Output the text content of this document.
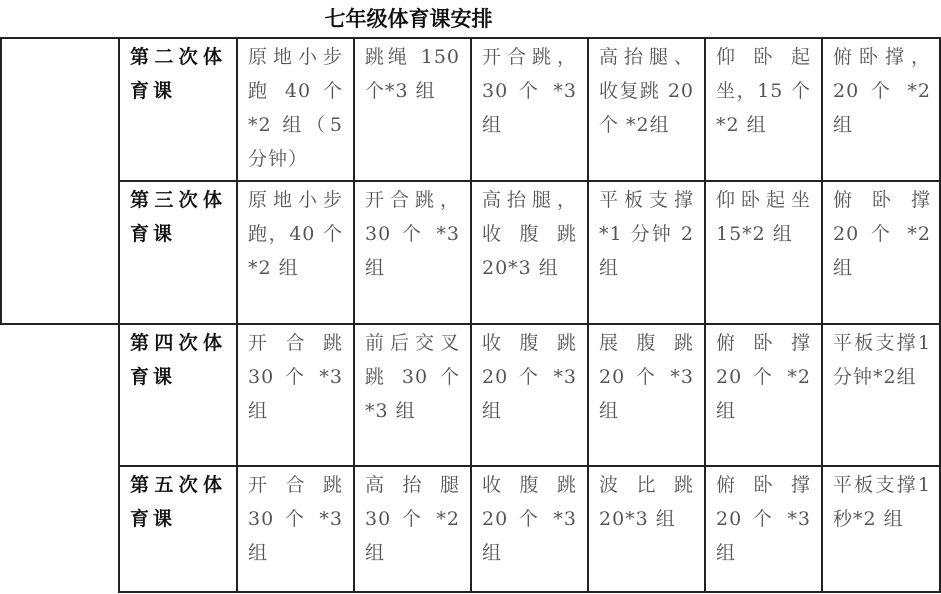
七年级体育课安排
第二次体育课
原地小步跑 40 个*2 组（5分钟）
跳绳 150个*3 组
开合跳，30 个 *3组
高抬腿、收复跳 20 个 *2组
仰 卧 起坐，15 个*2 组
俯卧撑，20 个 *2组
第三次体育课
原地小步跑，40 个*2 组
开合跳，30 个 *3组
高抬腿，收腹跳20*3 组
平板支撑*1 分钟 2组
仰卧起坐15*2 组
俯 卧 撑20 个 *2组
第四次体育课
开 合 跳30 个 *3组
前后交叉跳 30 个*3 组
收 腹 跳20 个 *3组
展 腹 跳20 个 *3组
俯 卧 撑20 个 *2组
平板支撑1 分钟*2组
第五次体育课
开 合 跳30 个 *3组
高 抬 腿30 个 *2组
收 腹 跳20 个 *3组
波 比 跳20*3 组
俯 卧 撑20 个 *3组
平板支撑1 秒*2 组
